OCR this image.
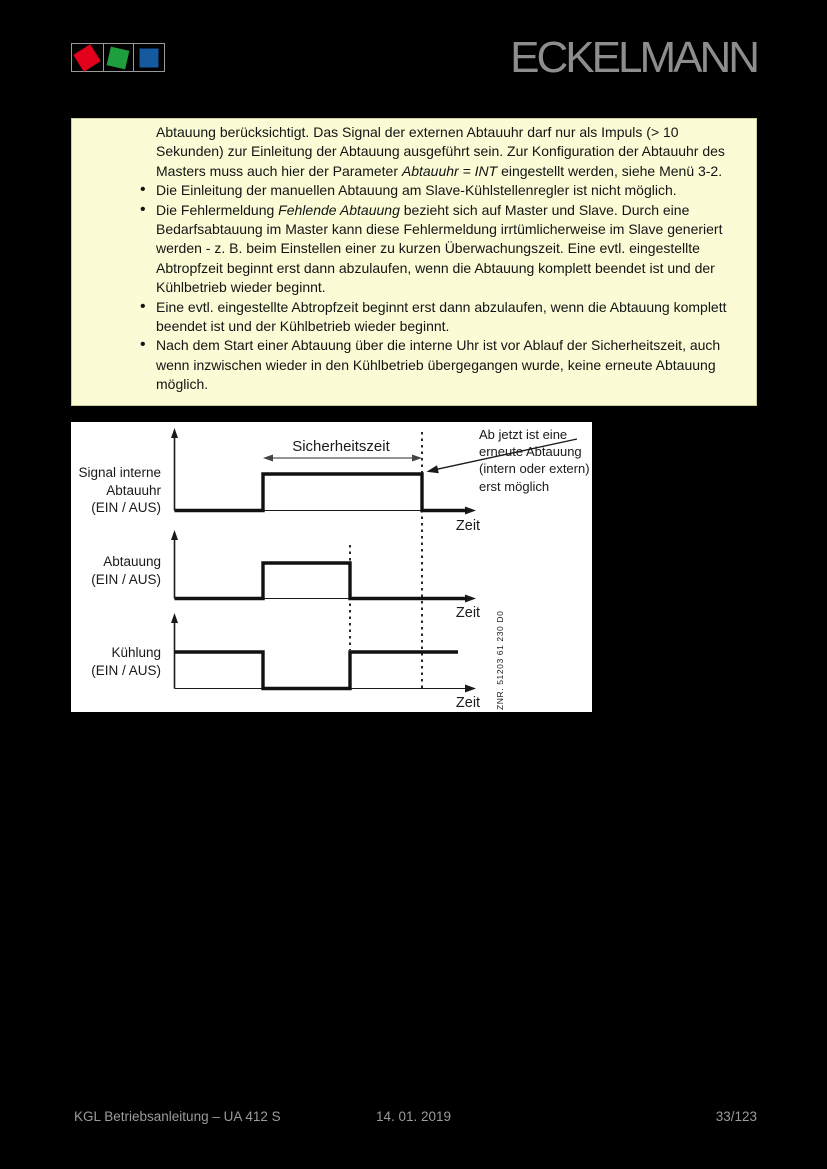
ECKELMANN

Abtauung berücksichtigt. Das Signal der externen Abtauuhr darf nur als Impuls (> 10 Sekunden) zur Einleitung der Abtauung ausgeführt sein. Zur Konfiguration der Abtauuhr des Masters muss auch hier der Parameter Abtauuhr = INT eingestellt werden, siehe Menü 3-2.

• Die Einleitung der manuellen Abtauung am Slave-Kühlstellenregler ist nicht möglich.
• Die Fehlermeldung Fehlende Abtauung bezieht sich auf Master und Slave. Durch eine Bedarfsabtauung im Master kann diese Fehlermeldung irrtümlicherweise im Slave generiert werden - z. B. beim Einstellen einer zu kurzen Überwachungszeit. Eine evtl. eingestellte Abtropfzeit beginnt erst dann abzulaufen, wenn die Abtauung komplett beendet ist und der Kühlbetrieb wieder beginnt.
• Eine evtl. eingestellte Abtropfzeit beginnt erst dann abzulaufen, wenn die Abtauung komplett beendet ist und der Kühlbetrieb wieder beginnt.
• Nach dem Start einer Abtauung über die interne Uhr ist vor Ablauf der Sicherheitszeit, auch wenn inzwischen wieder in den Kühlbetrieb übergegangen wurde, keine erneute Abtauung möglich.
Sicherheitszeit
Zeit
Zeit
Zeit ZNR. 51203 61 230 D0
Signal interne
Abtauuhr
(EIN / AUS)
Abtauung
(EIN / AUS)
Kühlung
(EIN / AUS)
Ab jetzt ist eine
erneute Abtauung
(intern oder extern)
erst möglich
KGL Betriebsanleitung – UA 412 S	14. 01. 2019	33/123
